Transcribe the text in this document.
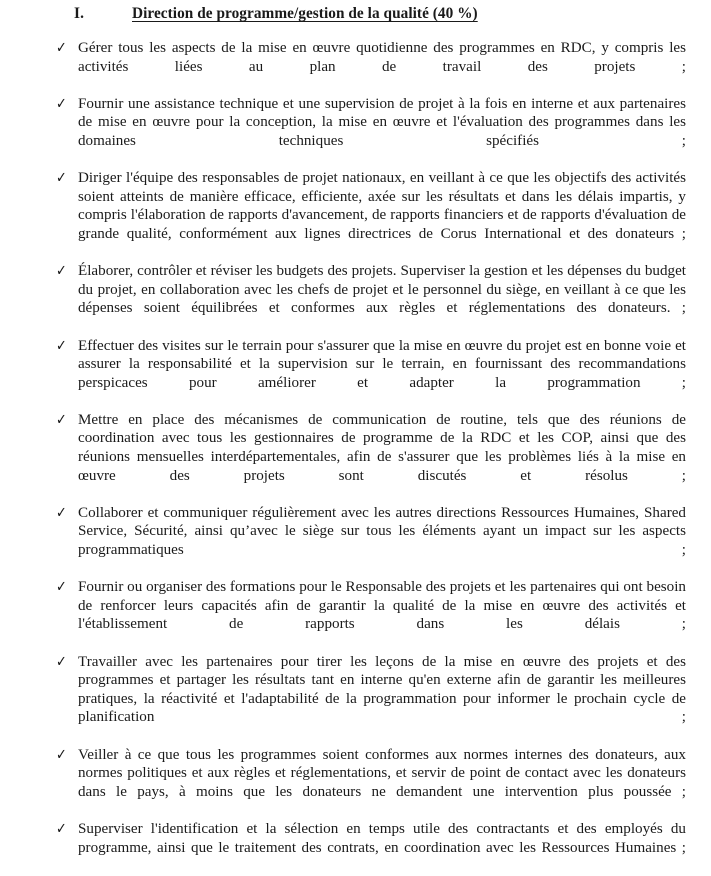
I.	Direction de programme/gestion de la qualité (40 %)
✓ Gérer tous les aspects de la mise en œuvre quotidienne des programmes en RDC, y compris les activités liées au plan de travail des projets ;
✓ Fournir une assistance technique et une supervision de projet à la fois en interne et aux partenaires de mise en œuvre pour la conception, la mise en œuvre et l'évaluation des programmes dans les domaines techniques spécifiés ;
✓ Diriger l'équipe des responsables de projet nationaux, en veillant à ce que les objectifs des activités soient atteints de manière efficace, efficiente, axée sur les résultats et dans les délais impartis, y compris l'élaboration de rapports d'avancement, de rapports financiers et de rapports d'évaluation de grande qualité, conformément aux lignes directrices de Corus International et des donateurs ;
✓ Élaborer, contrôler et réviser les budgets des projets. Superviser la gestion et les dépenses du budget du projet, en collaboration avec les chefs de projet et le personnel du siège, en veillant à ce que les dépenses soient équilibrées et conformes aux règles et réglementations des donateurs. ;
✓ Effectuer des visites sur le terrain pour s'assurer que la mise en œuvre du projet est en bonne voie et assurer la responsabilité et la supervision sur le terrain, en fournissant des recommandations perspicaces pour améliorer et adapter la programmation ;
✓ Mettre en place des mécanismes de communication de routine, tels que des réunions de coordination avec tous les gestionnaires de programme de la RDC et les COP, ainsi que des réunions mensuelles interdépartementales, afin de s'assurer que les problèmes liés à la mise en œuvre des projets sont discutés et résolus ;
✓ Collaborer et communiquer régulièrement avec les autres directions Ressources Humaines, Shared Service, Sécurité, ainsi qu’avec le siège sur tous les éléments ayant un impact sur les aspects programmatiques ;
✓ Fournir ou organiser des formations pour le Responsable des projets et les partenaires qui ont besoin de renforcer leurs capacités afin de garantir la qualité de la mise en œuvre des activités et l'établissement de rapports dans les délais ;
✓ Travailler avec les partenaires pour tirer les leçons de la mise en œuvre des projets et des programmes et partager les résultats tant en interne qu'en externe afin de garantir les meilleures pratiques, la réactivité et l'adaptabilité de la programmation pour informer le prochain cycle de planification ;
✓ Veiller à ce que tous les programmes soient conformes aux normes internes des donateurs, aux normes politiques et aux règles et réglementations, et servir de point de contact avec les donateurs dans le pays, à moins que les donateurs ne demandent une intervention plus poussée ;
✓ Superviser l'identification et la sélection en temps utile des contractants et des employés du programme, ainsi que le traitement des contrats, en coordination avec les Ressources Humaines ;
